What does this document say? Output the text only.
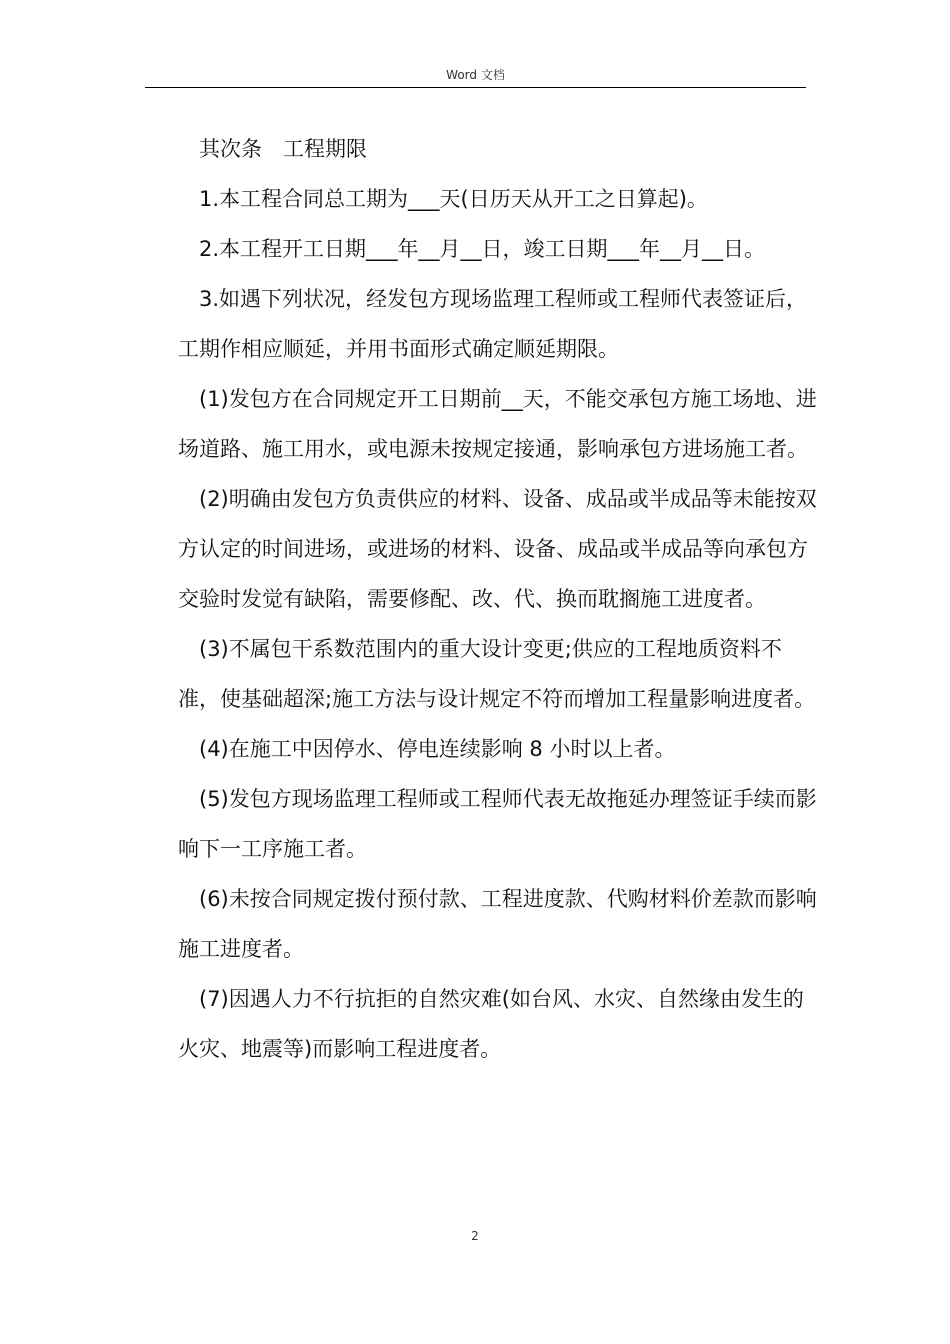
Word 文档

其次条　工程期限

1.本工程合同总工期为___天(日历天从开工之日算起)。

2.本工程开工日期___年__月__日，竣工日期___年__月__日。

3.如遇下列状况，经发包方现场监理工程师或工程师代表签证后，工期作相应顺延，并用书面形式确定顺延期限。

(1)发包方在合同规定开工日期前__天，不能交承包方施工场地、进场道路、施工用水，或电源未按规定接通，影响承包方进场施工者。

(2)明确由发包方负责供应的材料、设备、成品或半成品等未能按双方认定的时间进场，或进场的材料、设备、成品或半成品等向承包方交验时发觉有缺陷，需要修配、改、代、换而耽搁施工进度者。

(3)不属包干系数范围内的重大设计变更;供应的工程地质资料不准，使基础超深;施工方法与设计规定不符而增加工程量影响进度者。

(4)在施工中因停水、停电连续影响 8 小时以上者。

(5)发包方现场监理工程师或工程师代表无故拖延办理签证手续而影响下一工序施工者。

(6)未按合同规定拨付预付款、工程进度款、代购材料价差款而影响施工进度者。

(7)因遇人力不行抗拒的自然灾难(如台风、水灾、自然缘由发生的火灾、地震等)而影响工程进度者。

2
